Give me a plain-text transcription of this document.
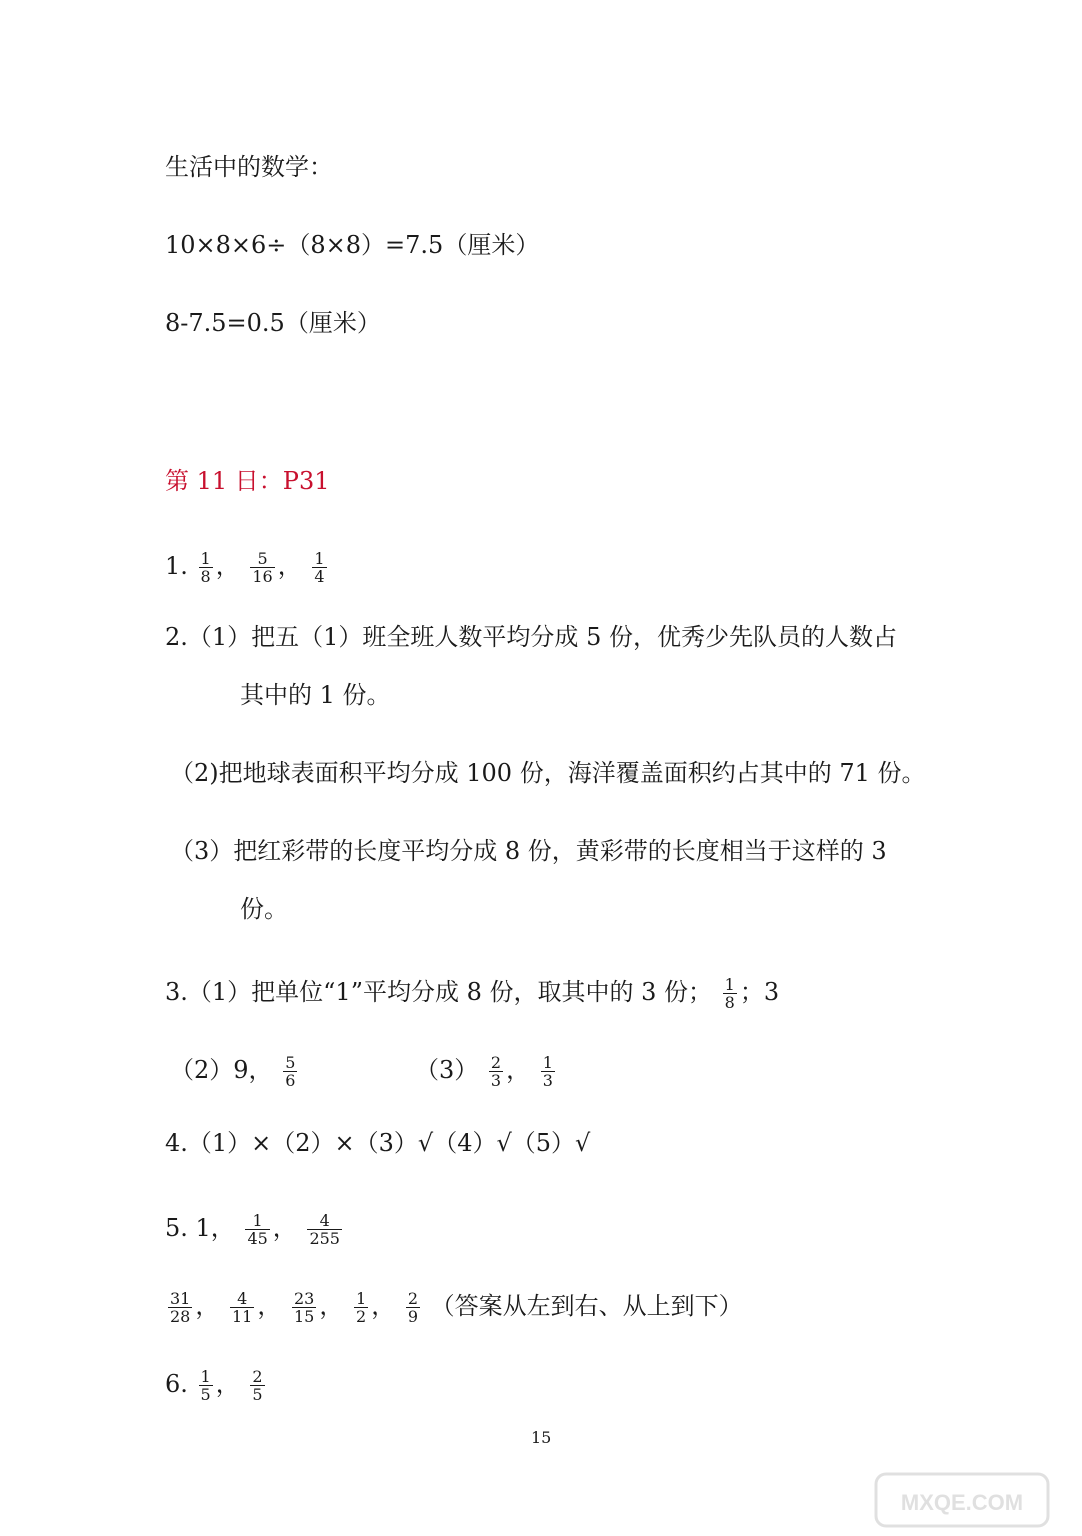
生活中的数学：
10×8×6÷（8×8）=7.5（厘米）
8-7.5=0.5（厘米）
第 11 日：P31
1. $\frac{1}{8}$ ， $\frac{5}{16}$ ， $\frac{1}{4}$
2.（1）把五（1）班全班人数平均分成 5 份，优秀少先队员的人数占
其中的 1 份。
（2)把地球表面积平均分成 100 份，海洋覆盖面积约占其中的 71 份。
（3）把红彩带的长度平均分成 8 份，黄彩带的长度相当于这样的 3
份。
3.（1）把单位“1”平均分成 8 份，取其中的 3 份； $\frac{1}{8}$ ；3
（2）9， $\frac{5}{6}$	$(3) \frac{2}{3}$ ， $\frac{1}{3}$
4.（1）×（2）×（3）√（4）√（5）√
5. 1， $\frac{1}{45}$ ， $\frac{4}{255}$
$\frac{31}{28}$ ， $\frac{4}{11}$ ， $\frac{23}{15}$ ， $\frac{1}{2}$ ， $\frac{2}{9}$ （答案从左到右、从上到下）
6. $\frac{1}{5}$ ， $\frac{2}{5}$
15
MXQE.COM
